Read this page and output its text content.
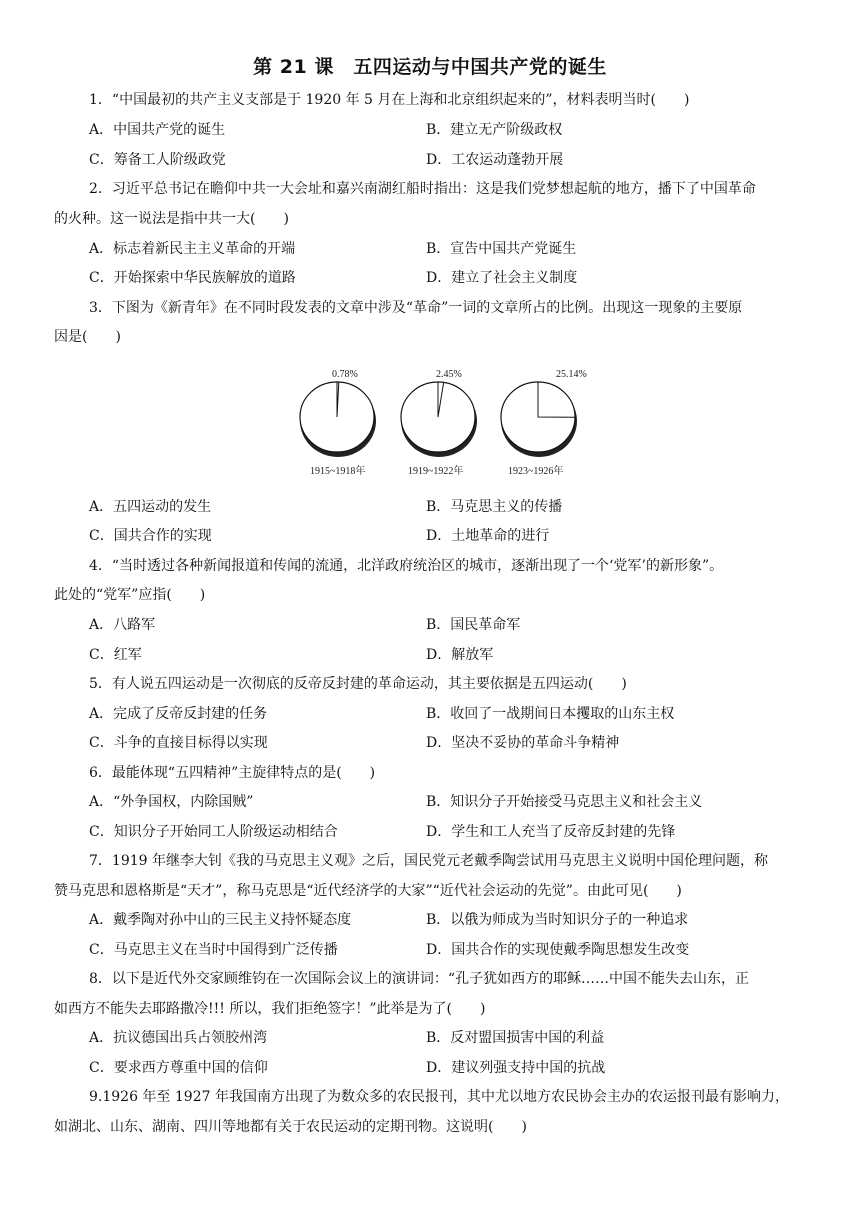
第 21 课　五四运动与中国共产党的诞生
1．“中国最初的共产主义支部是于 1920 年 5 月在上海和北京组织起来的”，材料表明当时(　　)
A．中国共产党的诞生	B．建立无产阶级政权
C．筹备工人阶级政党	D．工农运动蓬勃开展
2．习近平总书记在瞻仰中共一大会址和嘉兴南湖红船时指出：这是我们党梦想起航的地方，播下了中国革命
的火种。这一说法是指中共一大(　　)
A．标志着新民主主义革命的开端	B．宣告中国共产党诞生
C．开始探索中华民族解放的道路	D．建立了社会主义制度
3．下图为《新青年》在不同时段发表的文章中涉及“革命”一词的文章所占的比例。出现这一现象的主要原
因是(　　)
0.78%
1915~1918年
2.45%
1919~1922年
25.14%
1923~1926年
A．五四运动的发生	B．马克思主义的传播
C．国共合作的实现	D．土地革命的进行
4．“当时透过各种新闻报道和传闻的流通，北洋政府统治区的城市，逐渐出现了一个‘党军’的新形象”。
此处的“党军”应指(　　)
A．八路军	B．国民革命军
C．红军	D．解放军
5．有人说五四运动是一次彻底的反帝反封建的革命运动，其主要依据是五四运动(　　)
A．完成了反帝反封建的任务	B．收回了一战期间日本攫取的山东主权
C．斗争的直接目标得以实现	D．坚决不妥协的革命斗争精神
6．最能体现“五四精神”主旋律特点的是(　　)
A．“外争国权，内除国贼”	B．知识分子开始接受马克思主义和社会主义
C．知识分子开始同工人阶级运动相结合	D．学生和工人充当了反帝反封建的先锋
7．1919 年继李大钊《我的马克思主义观》之后，国民党元老戴季陶尝试用马克思主义说明中国伦理问题，称
赞马克思和恩格斯是“天才”，称马克思是“近代经济学的大家”“近代社会运动的先觉”。由此可见(　　)
A．戴季陶对孙中山的三民主义持怀疑态度	B．以俄为师成为当时知识分子的一种追求
C．马克思主义在当时中国得到广泛传播	D．国共合作的实现使戴季陶思想发生改变
8．以下是近代外交家顾维钧在一次国际会议上的演讲词：“孔子犹如西方的耶稣……中国不能失去山东，正
如西方不能失去耶路撒冷!!! 所以，我们拒绝签字！”此举是为了(　　)
A．抗议德国出兵占领胶州湾	B．反对盟国损害中国的利益
C．要求西方尊重中国的信仰	D．建议列强支持中国的抗战
9.1926 年至 1927 年我国南方出现了为数众多的农民报刊，其中尤以地方农民协会主办的农运报刊最有影响力，
如湖北、山东、湖南、四川等地都有关于农民运动的定期刊物。这说明(　　)
